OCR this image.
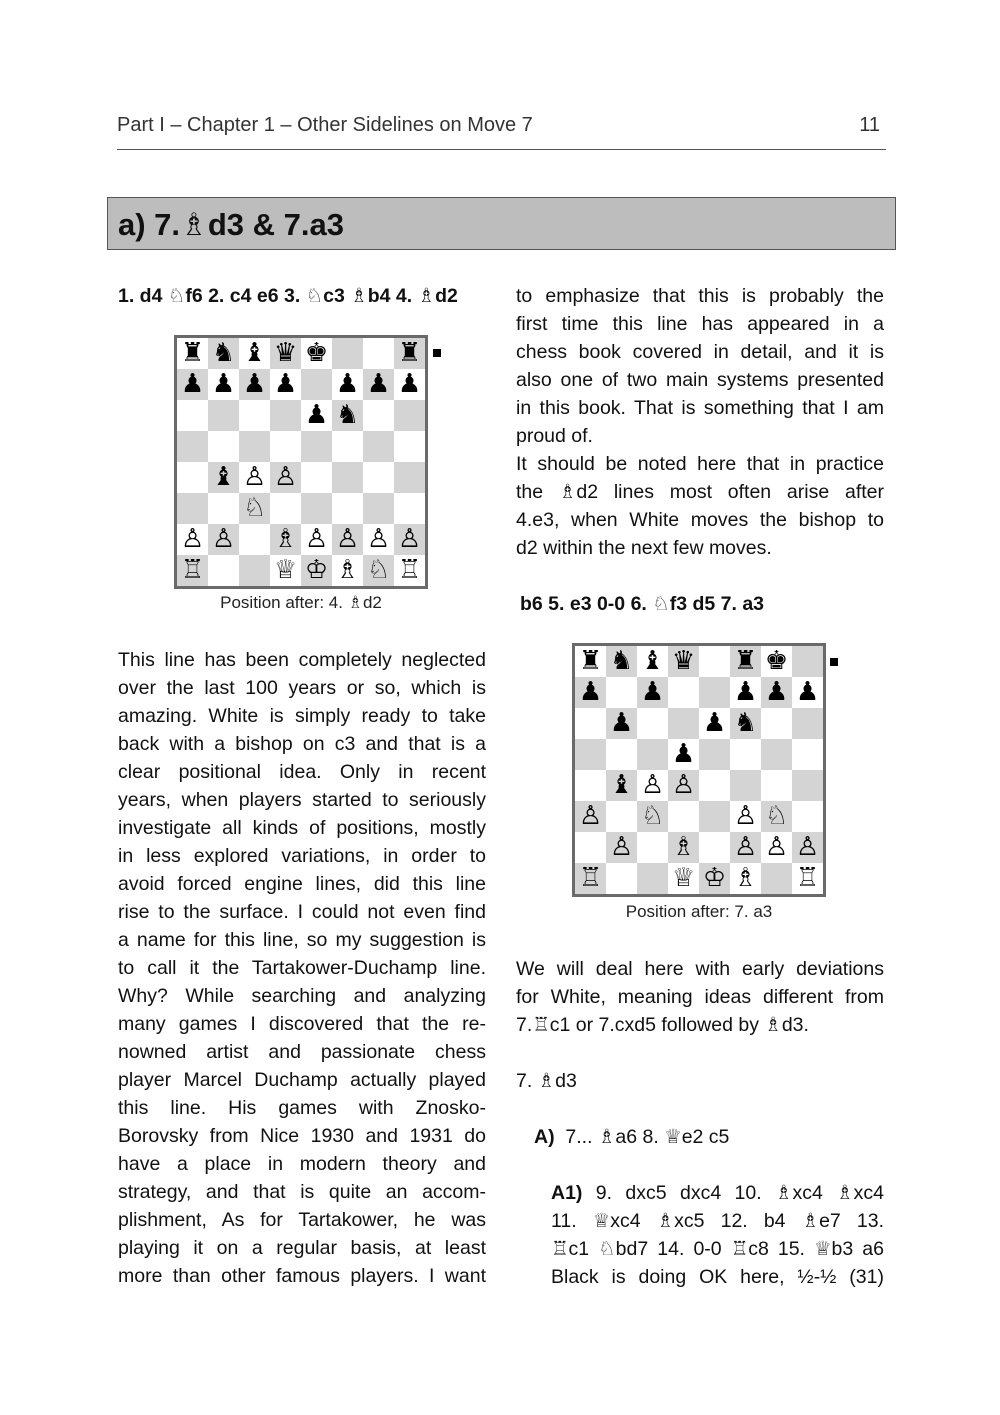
Part I – Chapter 1 – Other Sidelines on Move 7	11
a) 7.♗d3 & 7.a3
1. d4 ♘f6 2. c4 e6 3. ♘c3 ♗b4 4. ♗d2
♜ ♞ ♝ ♛ ♚	♜
♟ ♟ ♟ ♟ ♟ ♟ ♟
♟ ♞
♝ ♙ ♙
♘
♙ ♙ ♗ ♙ ♙ ♙ ♙
♖	♕ ♔ ♗ ♘ ♖
Position after: 4. ♗d2
This line has been completely neglected
over the last 100 years or so, which is
amazing. White is simply ready to take
back with a bishop on c3 and that is a
clear positional idea. Only in recent
years, when players started to seriously
investigate all kinds of positions, mostly
in less explored variations, in order to
avoid forced engine lines, did this line
rise to the surface. I could not even find
a name for this line, so my suggestion is
to call it the Tartakower-Duchamp line.
Why? While searching and analyzing
many games I discovered that the re-
nowned artist and passionate chess
player Marcel Duchamp actually played
this line. His games with Znosko-
Borovsky from Nice 1930 and 1931 do
have a place in modern theory and
strategy, and that is quite an accom-
plishment, As for Tartakower, he was
playing it on a regular basis, at least
more than other famous players. I want
to emphasize that this is probably the
first time this line has appeared in a
chess book covered in detail, and it is
also one of two main systems presented
in this book. That is something that I am
proud of.
It should be noted here that in practice
the ♗d2 lines most often arise after
4.e3, when White moves the bishop to
d2 within the next few moves.
b6 5. e3 0-0 6. ♘f3 d5 7. a3
♜ ♞ ♝ ♛ ♜ ♚
♟ ♟	♟ ♟ ♟
♟	♟ ♞
♟
♝ ♙ ♙
♙ ♘	♙ ♘
♙ ♗ ♙ ♙ ♙
♖	♕ ♔ ♗ ♖
Position after: 7. a3
We will deal here with early deviations
for White, meaning ideas different from
7.♖c1 or 7.cxd5 followed by ♗d3.
7. ♗d3
A) 7... ♗a6 8. ♕e2 c5
A1) 9. dxc5 dxc4 10. ♗xc4 ♗xc4
11. ♕xc4 ♗xc5 12. b4 ♗e7 13.
♖c1 ♘bd7 14. 0-0 ♖c8 15. ♕b3 a6
Black is doing OK here, ½-½ (31)
